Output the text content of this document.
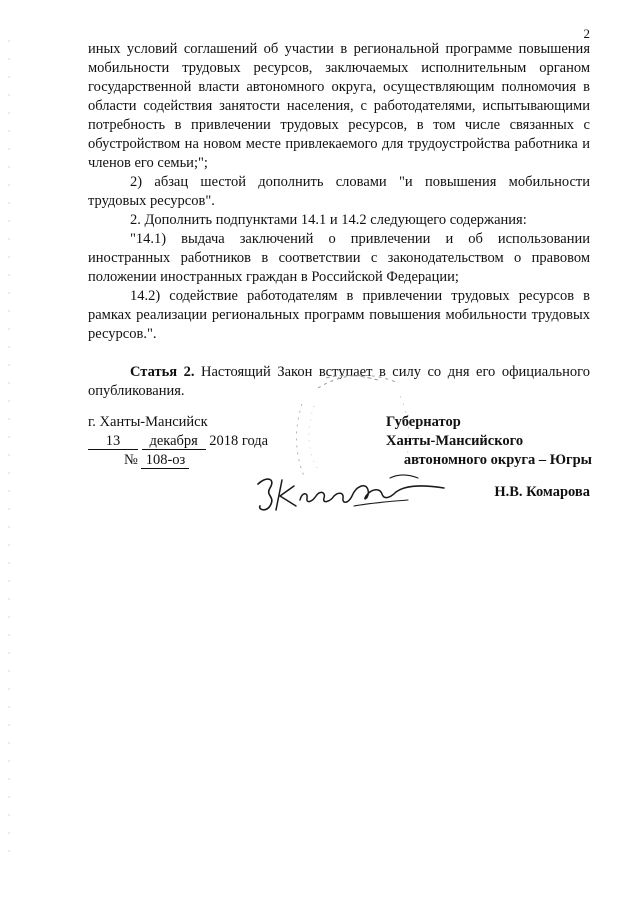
2

иных условий соглашений об участии в региональной программе повышения мобильности трудовых ресурсов, заключаемых исполнительным органом государственной власти автономного округа, осуществляющим полномочия в области содействия занятости населения, с работодателями, испытывающими потребность в привлечении трудовых ресурсов, в том числе связанных с обустройством на новом месте привлекаемого для трудоустройства работника и членов его семьи;";

2) абзац шестой дополнить словами "и повышения мобильности трудовых ресурсов".

2. Дополнить подпунктами 14.1 и 14.2 следующего содержания:

"14.1) выдача заключений о привлечении и об использовании иностранных работников в соответствии с законодательством о правовом положении иностранных граждан в Российской Федерации;

14.2) содействие работодателям в привлечении трудовых ресурсов в рамках реализации региональных программ повышения мобильности трудовых ресурсов.".

Статья 2. Настоящий Закон вступает в силу со дня его официального опубликования.

г. Ханты-Мансийск
13 декабря 2018 года
№ 108-оз
Губернатор
Ханты-Мансийского
автономного округа – Югры
Н.В. Комарова
